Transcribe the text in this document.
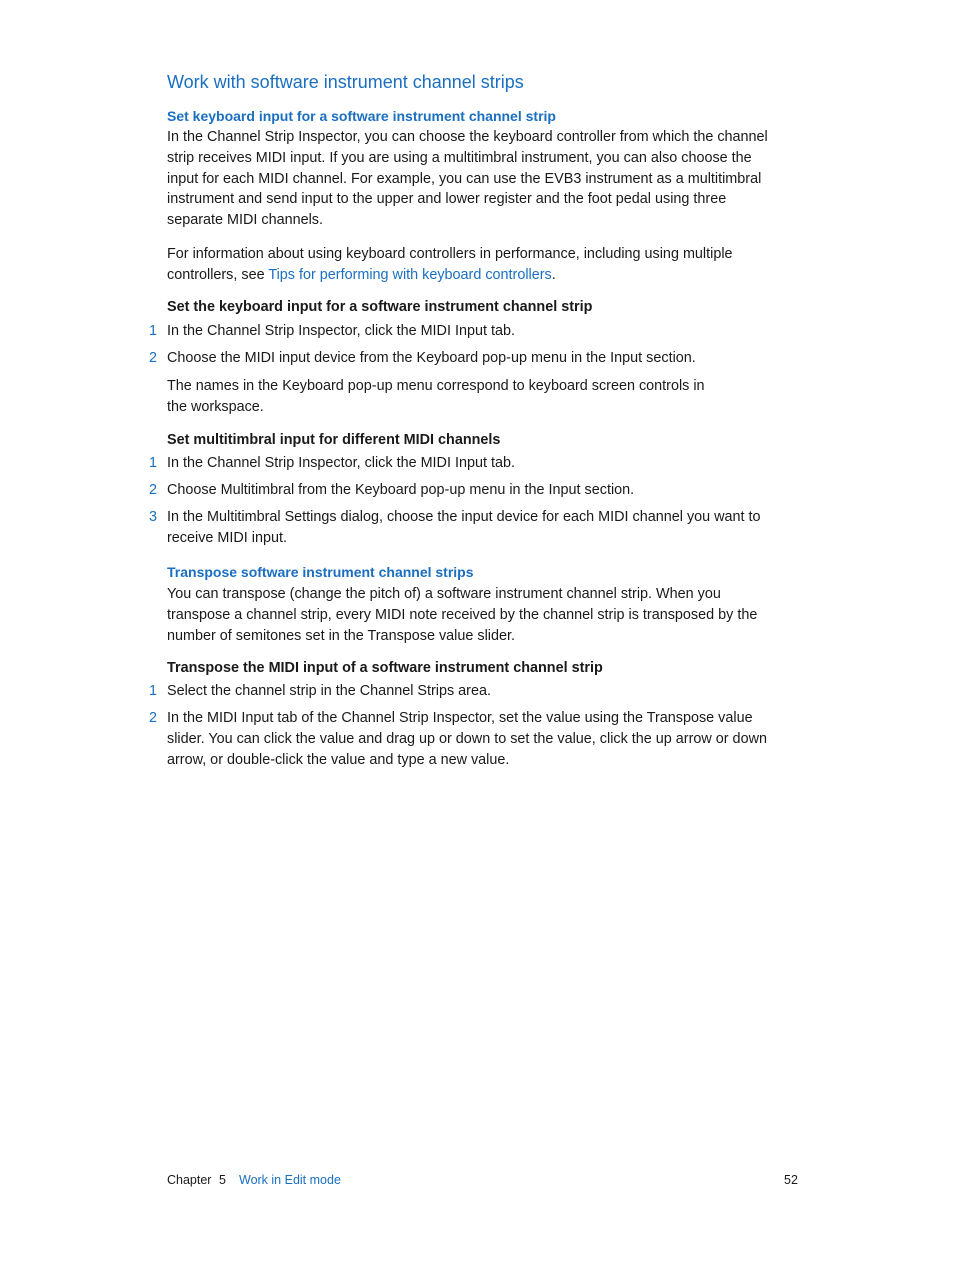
Work with software instrument channel strips
Set keyboard input for a software instrument channel strip

In the Channel Strip Inspector, you can choose the keyboard controller from which the channel
strip receives MIDI input. If you are using a multitimbral instrument, you can also choose the
input for each MIDI channel. For example, you can use the EVB3 instrument as a multitimbral
instrument and send input to the upper and lower register and the foot pedal using three
separate MIDI channels.

For information about using keyboard controllers in performance, including using multiple
controllers, see Tips for performing with keyboard controllers.

Set the keyboard input for a software instrument channel strip

1 In the Channel Strip Inspector, click the MIDI Input tab.
2 Choose the MIDI input device from the Keyboard pop-up menu in the Input section.

The names in the Keyboard pop-up menu correspond to keyboard screen controls in
the workspace.

Set multitimbral input for different MIDI channels

1 In the Channel Strip Inspector, click the MIDI Input tab.
2 Choose Multitimbral from the Keyboard pop-up menu in the Input section.
3 In the Multitimbral Settings dialog, choose the input device for each MIDI channel you want to
receive MIDI input.
Transpose software instrument channel strips

You can transpose (change the pitch of) a software instrument channel strip. When you
transpose a channel strip, every MIDI note received by the channel strip is transposed by the
number of semitones set in the Transpose value slider.

Transpose the MIDI input of a software instrument channel strip

1 Select the channel strip in the Channel Strips area.
2 In the MIDI Input tab of the Channel Strip Inspector, set the value using the Transpose value
slider. You can click the value and drag up or down to set the value, click the up arrow or down
arrow, or double-click the value and type a new value.
Chapter 5 Work in Edit mode	52
